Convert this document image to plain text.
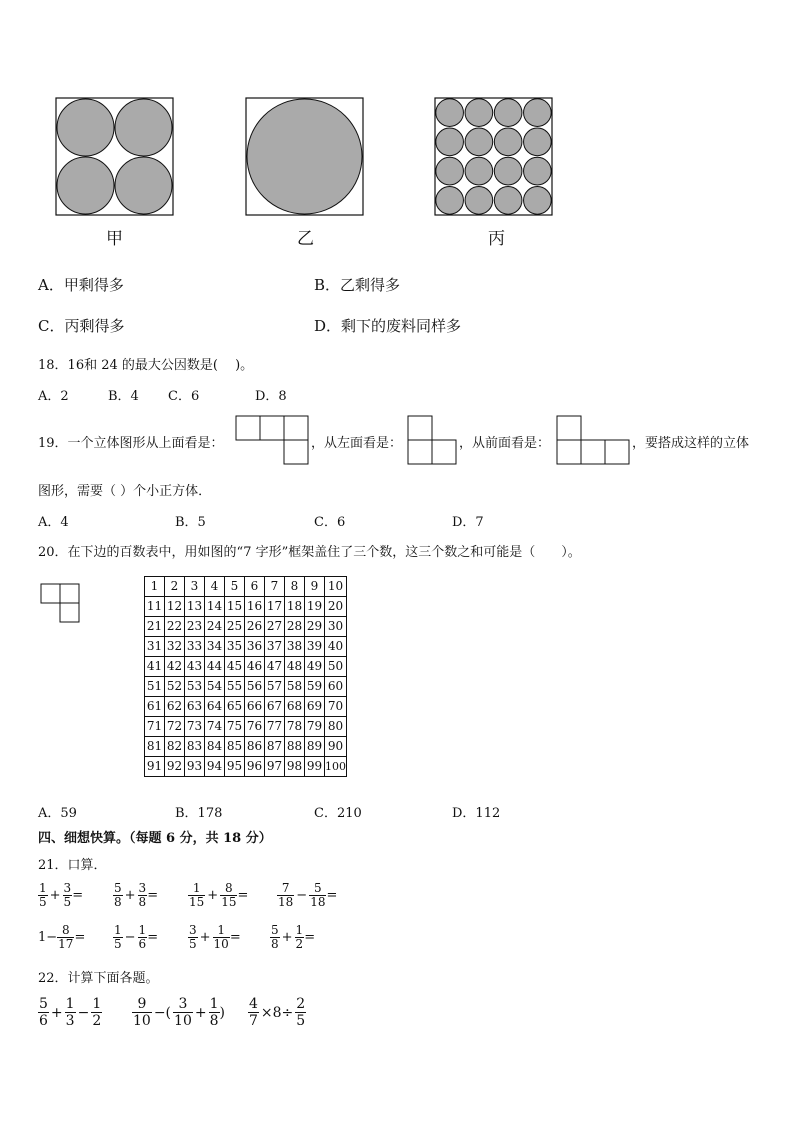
甲	乙	丙
A．甲剩得多	B．乙剩得多
C．丙剩得多	D．剩下的废料同样多
18．16和 24 的最大公因数是(　 )。
A．2	B．4 C．6	D．8
19．一个立体图形从上面看是：	，从左面看是：	，从前面看是：	，要搭成这样的立体
图形，需要（ ）个小正方体．
A．4	B．5	C．6	D．7
20．在下边的百数表中，用如图的“7 字形”框架盖住了三个数，这三个数之和可能是（　　）。
1	2	3	4	5	6	7	8	9	10
11	12	13	14	15	16	17	18	19	20
21	22	23	24	25	26	27	28	29	30
31	32	33	34	35	36	37	38	39	40
41	42	43	44	45	46	47	48	49	50
51	52	53	54	55	56	57	58	59	60
61	62	63	64	65	66	67	68	69	70
71	72	73	74	75	76	77	78	79	80
81	82	83	84	85	86	87	88	89	90
91	92	93	94	95	96	97	98	99	100
A．59	B．178	C．210	D．112
四、细想快算。（每题 6 分，共 18 分）
21．口算．
$\frac{1}{5} + \frac{3}{5} = \frac{5}{8} + \frac{3}{8} = \frac{1}{15} + \frac{8}{15} = \frac{7}{18} - \frac{5}{18}$ =
$1- \frac{8}{17} = \frac{1}{5} - \frac{1}{6} = \frac{3}{5} + \frac{1}{10} = \frac{5}{8} + \frac{1}{2}$ =
22．计算下面各题。
$\frac{5}{6} + \frac{1}{3} - \frac{1}{2} \frac{9}{10}$ −( $\frac{3}{10} + \frac{1}{8}$ ) $\frac{4}{7} \times 8\div \frac{2}{5}$
